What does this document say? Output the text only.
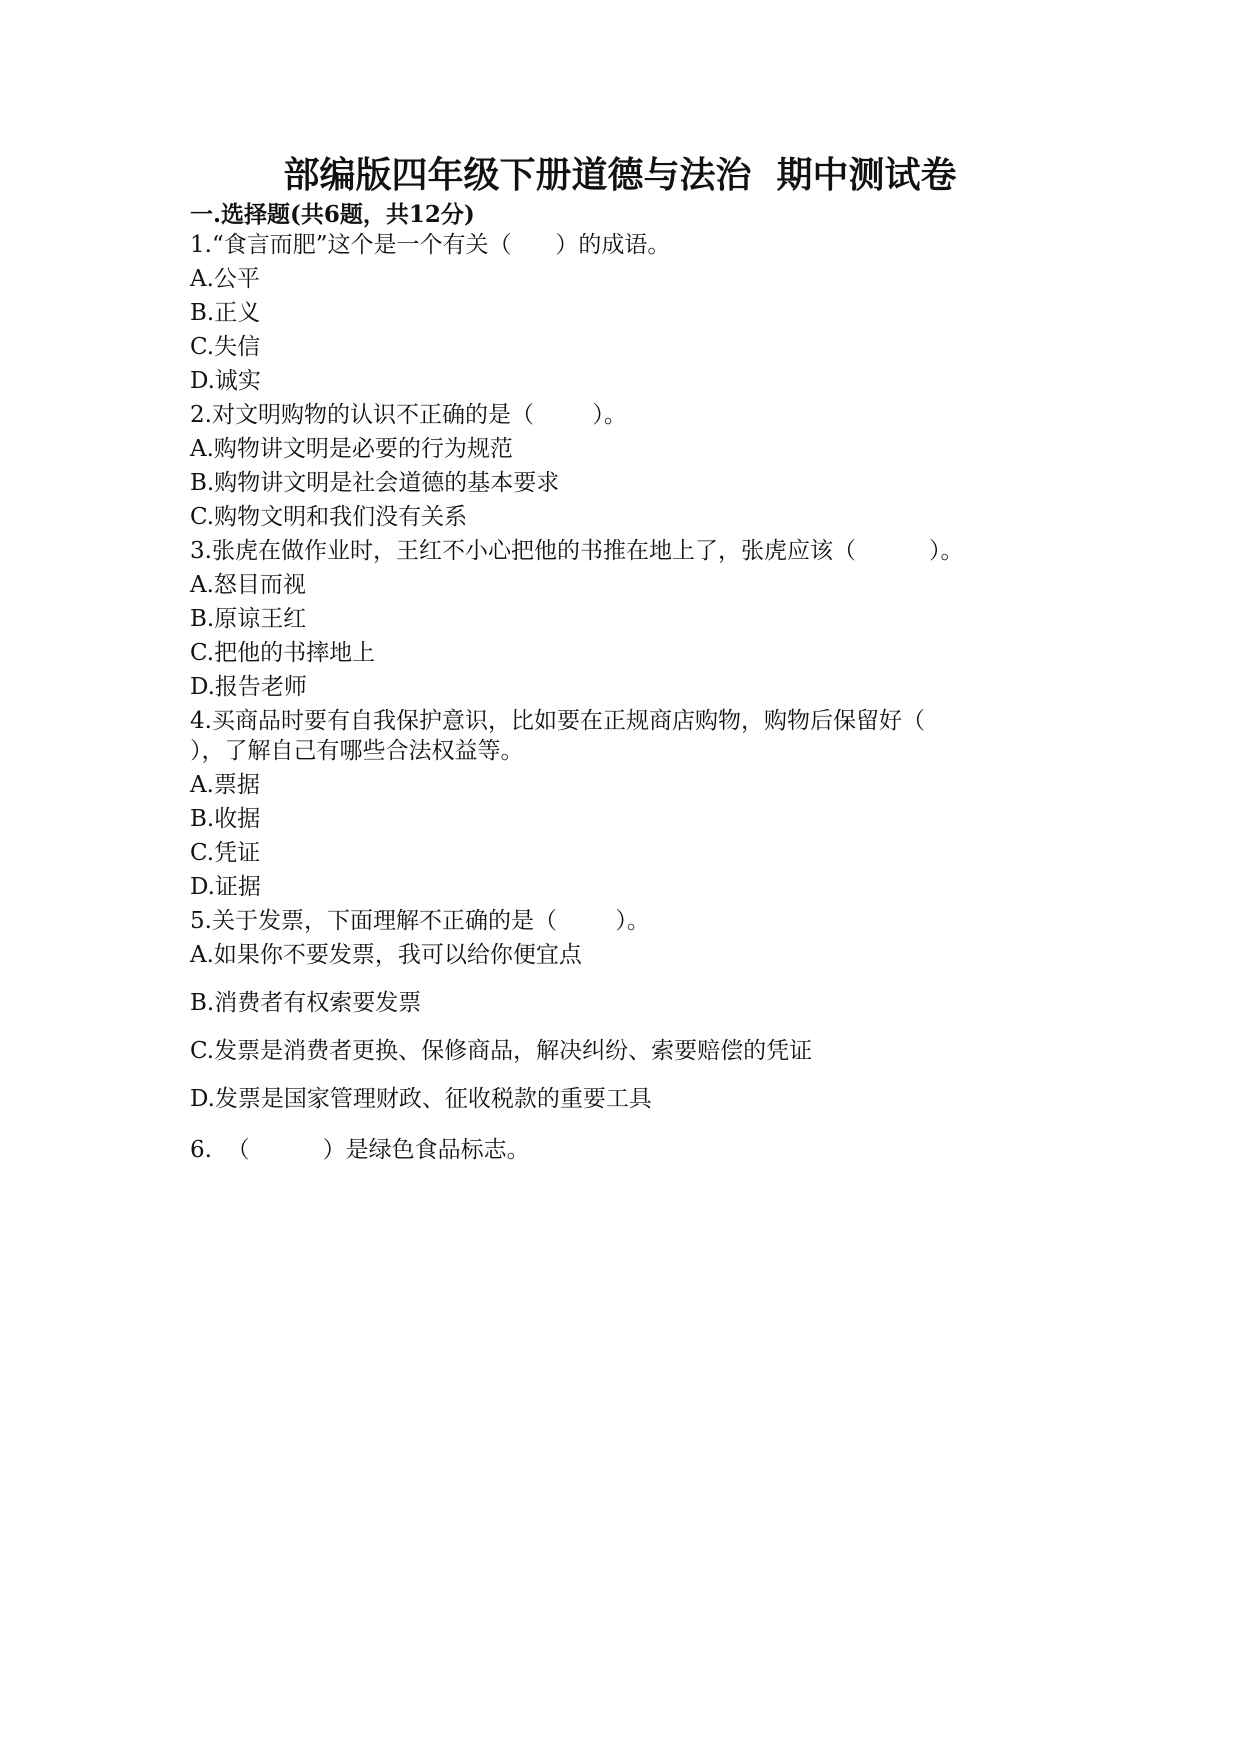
部编版四年级下册道德与法治  期中测试卷
一.选择题(共6题，共12分)
1.“食言而肥”这个是一个有关（      ）的成语。
A.公平
B.正义
C.失信
D.诚实
2.对文明购物的认识不正确的是（        ）。
A.购物讲文明是必要的行为规范
B.购物讲文明是社会道德的基本要求
C.购物文明和我们没有关系
3.张虎在做作业时，王红不小心把他的书推在地上了，张虎应该（          ）。
A.怒目而视
B.原谅王红
C.把他的书摔地上
D.报告老师
4.买商品时要有自我保护意识，比如要在正规商店购物，购物后保留好（
），了解自己有哪些合法权益等。
A.票据
B.收据
C.凭证
D.证据
5.关于发票，下面理解不正确的是（        ）。
A.如果你不要发票，我可以给你便宜点
B.消费者有权索要发票
C.发票是消费者更换、保修商品，解决纠纷、索要赔偿的凭证
D.发票是国家管理财政、征收税款的重要工具
6.  （          ）是绿色食品标志。
